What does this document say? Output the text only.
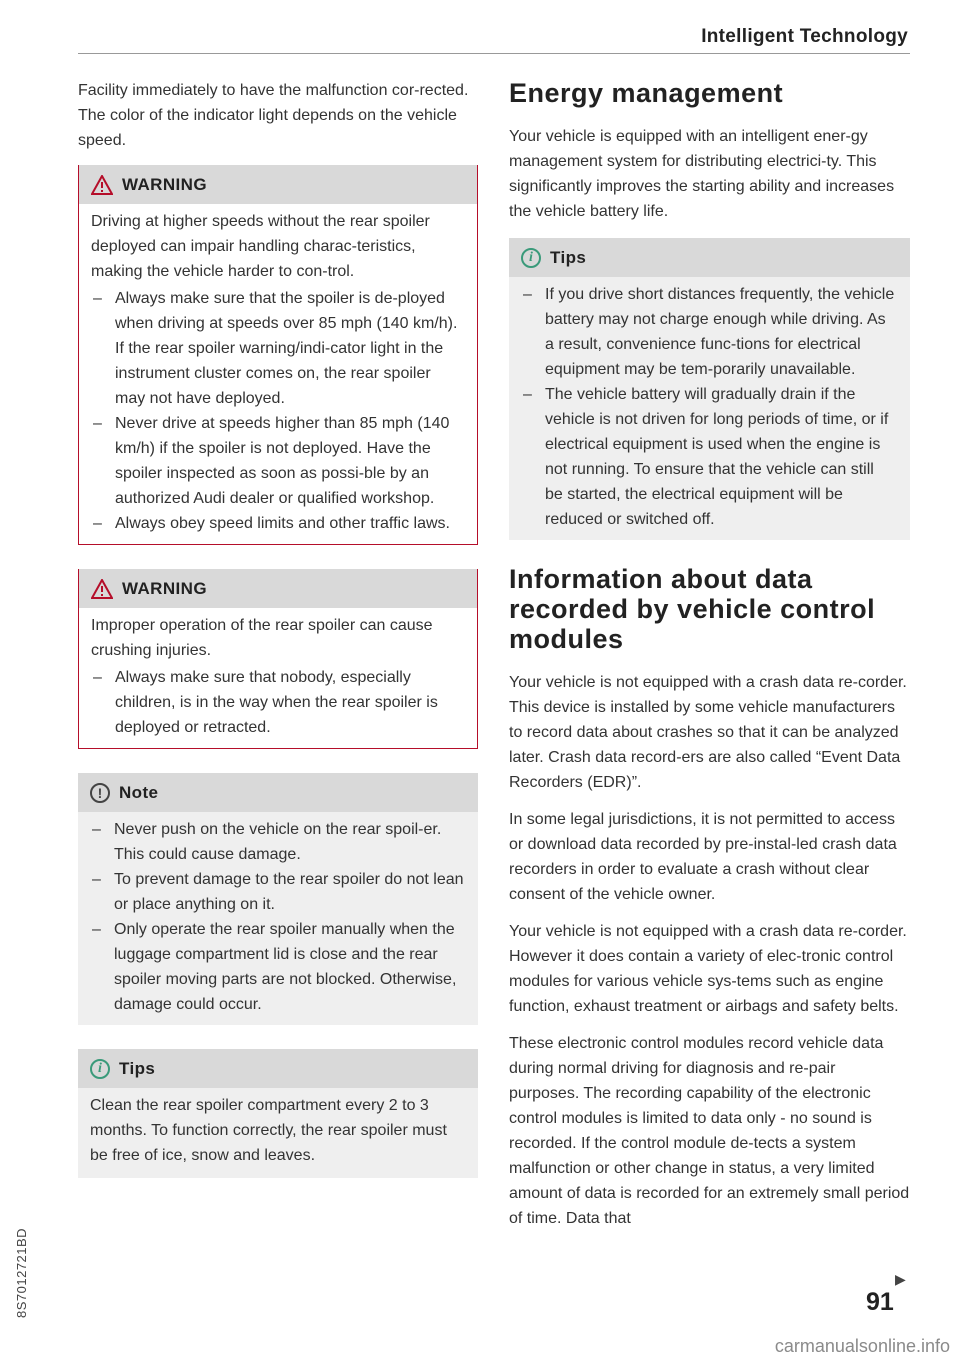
Intelligent Technology

Facility immediately to have the malfunction cor-rected. The color of the indicator light depends on the vehicle speed.

WARNING

Driving at higher speeds without the rear spoiler deployed can impair handling charac-teristics, making the vehicle harder to con-trol.

– Always make sure that the spoiler is de-ployed when driving at speeds over 85 mph (140 km/h). If the rear spoiler warning/indi-cator light in the instrument cluster comes on, the rear spoiler may not have deployed.
– Never drive at speeds higher than 85 mph (140 km/h) if the spoiler is not deployed. Have the spoiler inspected as soon as possi-ble by an authorized Audi dealer or qualified workshop.
– Always obey speed limits and other traffic laws.
WARNING

Improper operation of the rear spoiler can cause crushing injuries.

– Always make sure that nobody, especially children, is in the way when the rear spoiler is deployed or retracted.
! Note
– Never push on the vehicle on the rear spoil-er. This could cause damage.
– To prevent damage to the rear spoiler do not lean or place anything on it.
– Only operate the rear spoiler manually when the luggage compartment lid is close and the rear spoiler moving parts are not blocked. Otherwise, damage could occur.
i	Tips

Clean the rear spoiler compartment every 2 to 3 months. To function correctly, the rear spoiler must be free of ice, snow and leaves.

Energy management

Your vehicle is equipped with an intelligent ener-gy management system for distributing electrici-ty. This significantly improves the starting ability and increases the vehicle battery life.

i	Tips
– If you drive short distances frequently, the vehicle battery may not charge enough while driving. As a result, convenience func-tions for electrical equipment may be tem-porarily unavailable.
– The vehicle battery will gradually drain if the vehicle is not driven for long periods of time, or if electrical equipment is used when the engine is not running. To ensure that the vehicle can still be started, the electrical equipment will be reduced or switched off.
Information about data recorded by vehicle control modules

Your vehicle is not equipped with a crash data re-corder. This device is installed by some vehicle manufacturers to record data about crashes so that it can be analyzed later. Crash data record-ers are also called “Event Data Recorders (EDR)”.

In some legal jurisdictions, it is not permitted to access or download data recorded by pre-instal-led crash data recorders in order to evaluate a crash without clear consent of the vehicle owner.

Your vehicle is not equipped with a crash data re-corder. However it does contain a variety of elec-tronic control modules for various vehicle sys-tems such as engine function, exhaust treatment or airbags and safety belts.

These electronic control modules record vehicle data during normal driving for diagnosis and re-pair purposes. The recording capability of the electronic control modules is limited to data only - no sound is recorded. If the control module de-tects a system malfunction or other change in status, a very limited amount of data is recorded for an extremely small period of time. Data that

▶
91
8S7012721BD
carmanualsonline.info
